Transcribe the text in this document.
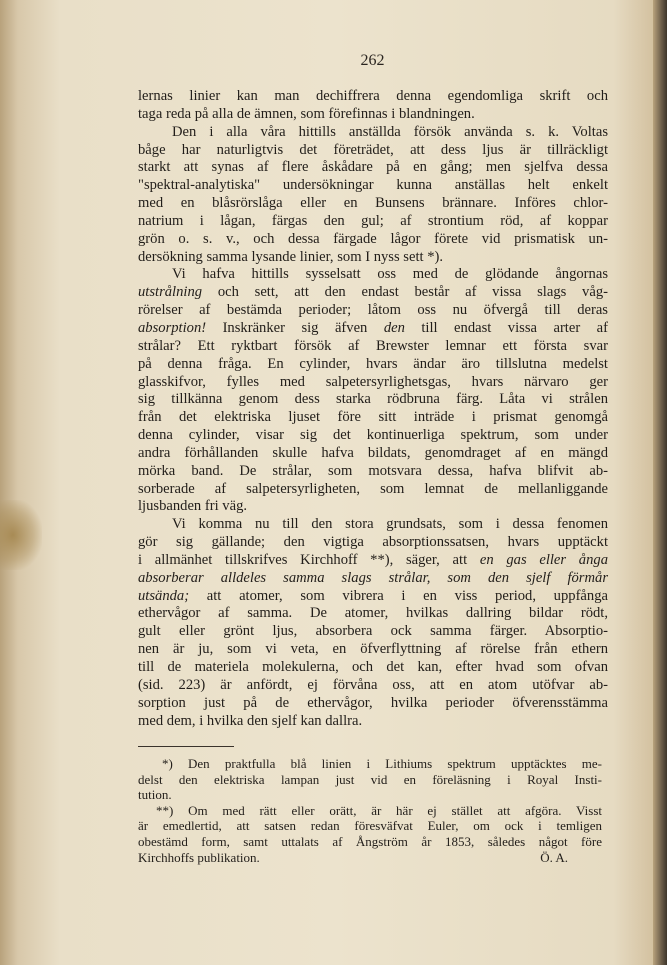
262

lernas linier kan man dechiffrera denna egendomliga skrift och
taga reda på alla de ämnen, som förefinnas i blandningen.

Den i alla våra hittills anställda försök använda s. k. Voltas
båge har naturligtvis det företrädet, att dess ljus är tillräckligt
starkt att synas af flere åskådare på en gång; men sjelfva dessa
"spektral-analytiska" undersökningar kunna anställas helt enkelt
med en blåsrörslåga eller en Bunsens brännare. Införes chlor-
natrium i lågan, färgas den gul; af strontium röd, af koppar
grön o. s. v., och dessa färgade lågor förete vid prismatisk un-
dersökning samma lysande linier, som I nyss sett *).

Vi hafva hittills sysselsatt oss med de glödande ångornas
utstrålning och sett, att den endast består af vissa slags våg-
rörelser af bestämda perioder; låtom oss nu öfvergå till deras
absorption! Inskränker sig äfven den till endast vissa arter af
strålar? Ett ryktbart försök af Brewster lemnar ett första svar
på denna fråga. En cylinder, hvars ändar äro tillslutna medelst
glasskifvor, fylles med salpetersyrlighetsgas, hvars närvaro ger
sig tillkänna genom dess starka rödbruna färg. Låta vi strålen
från det elektriska ljuset före sitt inträde i prismat genomgå
denna cylinder, visar sig det kontinuerliga spektrum, som under
andra förhållanden skulle hafva bildats, genomdraget af en mängd
mörka band. De strålar, som motsvara dessa, hafva blifvit ab-
sorberade af salpetersyrligheten, som lemnat de mellanliggande
ljusbanden fri väg.

Vi komma nu till den stora grundsats, som i dessa fenomen
gör sig gällande; den vigtiga absorptionssatsen, hvars upptäckt
i allmänhet tillskrifves Kirchhoff **), säger, att en gas eller ånga
absorberar alldeles samma slags strålar, som den sjelf förmår
utsända; att atomer, som vibrera i en viss period, uppfånga
ethervågor af samma. De atomer, hvilkas dallring bildar rödt,
gult eller grönt ljus, absorbera ock samma färger. Absorptio-
nen är ju, som vi veta, en öfverflyttning af rörelse från ethern
till de materiela molekulerna, och det kan, efter hvad som ofvan
(sid. 223) är anfördt, ej förvåna oss, att en atom utöfvar ab-
sorption just på de ethervågor, hvilka perioder öfverensstämma
med dem, i hvilka den sjelf kan dallra.

*) Den praktfulla blå linien i Lithiums spektrum upptäcktes me-
delst den elektriska lampan just vid en föreläsning i Royal Insti-
tution.
**) Om med rätt eller orätt, är här ej stället att afgöra. Visst
är emedlertid, att satsen redan föresväfvat Euler, om ock i temligen
obestämd form, samt uttalats af Ångström år 1853, således något före
Kirchhoffs publikation.	Ö. A.
